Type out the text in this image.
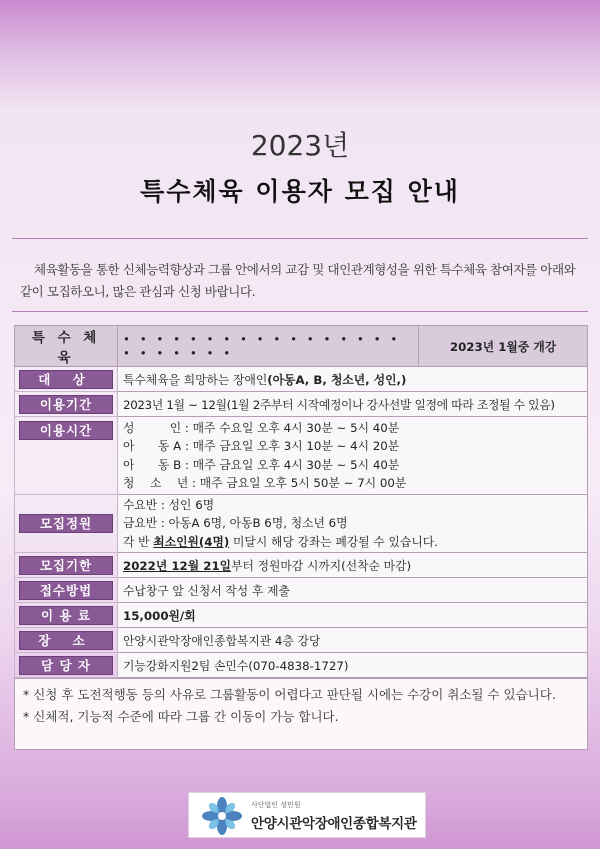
2023년
특수체육 이용자 모집 안내
체육활동을 통한 신체능력향상과 그룹 안에서의 교감 및 대인관계형성을 위한 특수체육 참여자를 아래와 같이 모집하오니, 많은 관심과 신청 바랍니다.
특 수 체 육	• • • • • • • • • • • • • • • • • • • • • • • •	2023년 1월중 개강

대 상	특수체육을 희망하는 장애인(아동A, B, 청소년, 성인,)	

이용기간	2023년 1월 ~ 12월(1월 2주부터 시작예정이나 강사선발 일정에 따라 조정될 수 있음)	

이용시간	성　　　인 : 매주 수요일 오후 4시 30분 ~ 5시 40분
아　　동 A : 매주 금요일 오후 3시 10분 ~ 4시 20분
아　　동 B : 매주 금요일 오후 4시 30분 ~ 5시 40분
청　 소　 년 : 매주 금요일 오후 5시 50분 ~ 7시 00분	

모집정원	수요반 : 성인 6명
금요반 : 아동A 6명, 아동B 6명, 청소년 6명
각 반 최소인원(4명) 미달시 해당 강좌는 폐강될 수 있습니다.	

모집기한	2022년 12월 21일부터 정원마감 시까지(선착순 마감)	

접수방법	수납창구 앞 신청서 작성 후 제출	

이 용 료	15,000원/회	

장 소	안양시관악장애인종합복지관 4층 강당	

담 당 자	기능강화지원2팀 손민수(070-4838-1727)	
* 신청 후 도전적행동 등의 사유로 그룹활동이 어렵다고 판단될 시에는 수강이 취소될 수 있습니다.
* 신체적, 기능적 수준에 따라 그룹 간 이동이 가능 합니다.
사단법인 성민원
안양시관악장애인종합복지관
